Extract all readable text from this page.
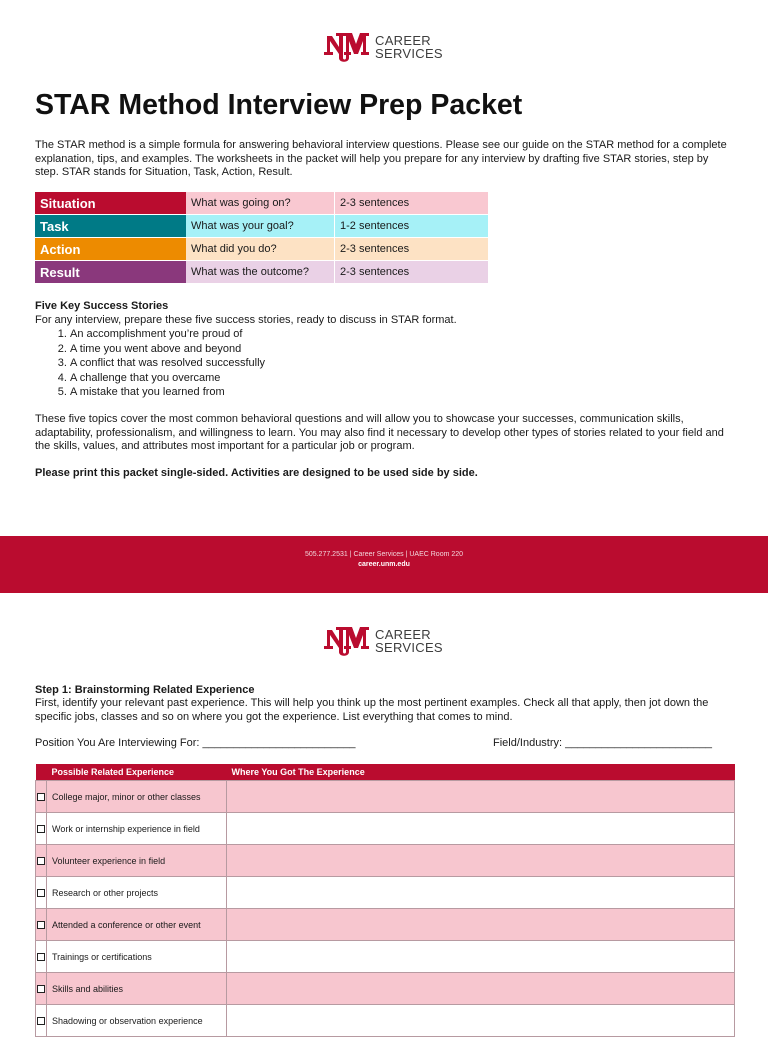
CAREER
SERVICES
STAR Method Interview Prep Packet

The STAR method is a simple formula for answering behavioral interview questions. Please see our guide on the STAR method for a complete explanation, tips, and examples. The worksheets in the packet will help you prepare for any interview by drafting five STAR stories, step by step. STAR stands for Situation, Task, Action, Result.

Situation	What was going on?	2-3 sentences
Task	What was your goal?	1-2 sentences
Action	What did you do?	2-3 sentences
Result	What was the outcome?	2-3 sentences
Five Key Success Stories
For any interview, prepare these five success stories, ready to discuss in STAR format.
1. An accomplishment you’re proud of
2. A time you went above and beyond
3. A conflict that was resolved successfully
4. A challenge that you overcame
5. A mistake that you learned from

These five topics cover the most common behavioral questions and will allow you to showcase your successes, communication skills, adaptability, professionalism, and willingness to learn. You may also find it necessary to develop other types of stories related to your field and the skills, values, and attributes most important for a particular job or program.

Please print this packet single-sided. Activities are designed to be used side by side.
505.277.2531 | Career Services | UAEC Room 220
career.unm.edu
CAREER
SERVICES
Step 1: Brainstorming Related Experience

First, identify your relevant past experience. This will help you think up the most pertinent examples. Check all that apply, then jot down the specific jobs, classes and so on where you got the experience. List everything that comes to mind.

Position You Are Interviewing For: _________________________	Field/Industry: ________________________
	Possible Related Experience	Where You Got The Experience
	College major, minor or other classes	
	Work or internship experience in field	
	Volunteer experience in field	
	Research or other projects	
	Attended a conference or other event	
	Trainings or certifications	
	Skills and abilities	
	Shadowing or observation experience	
